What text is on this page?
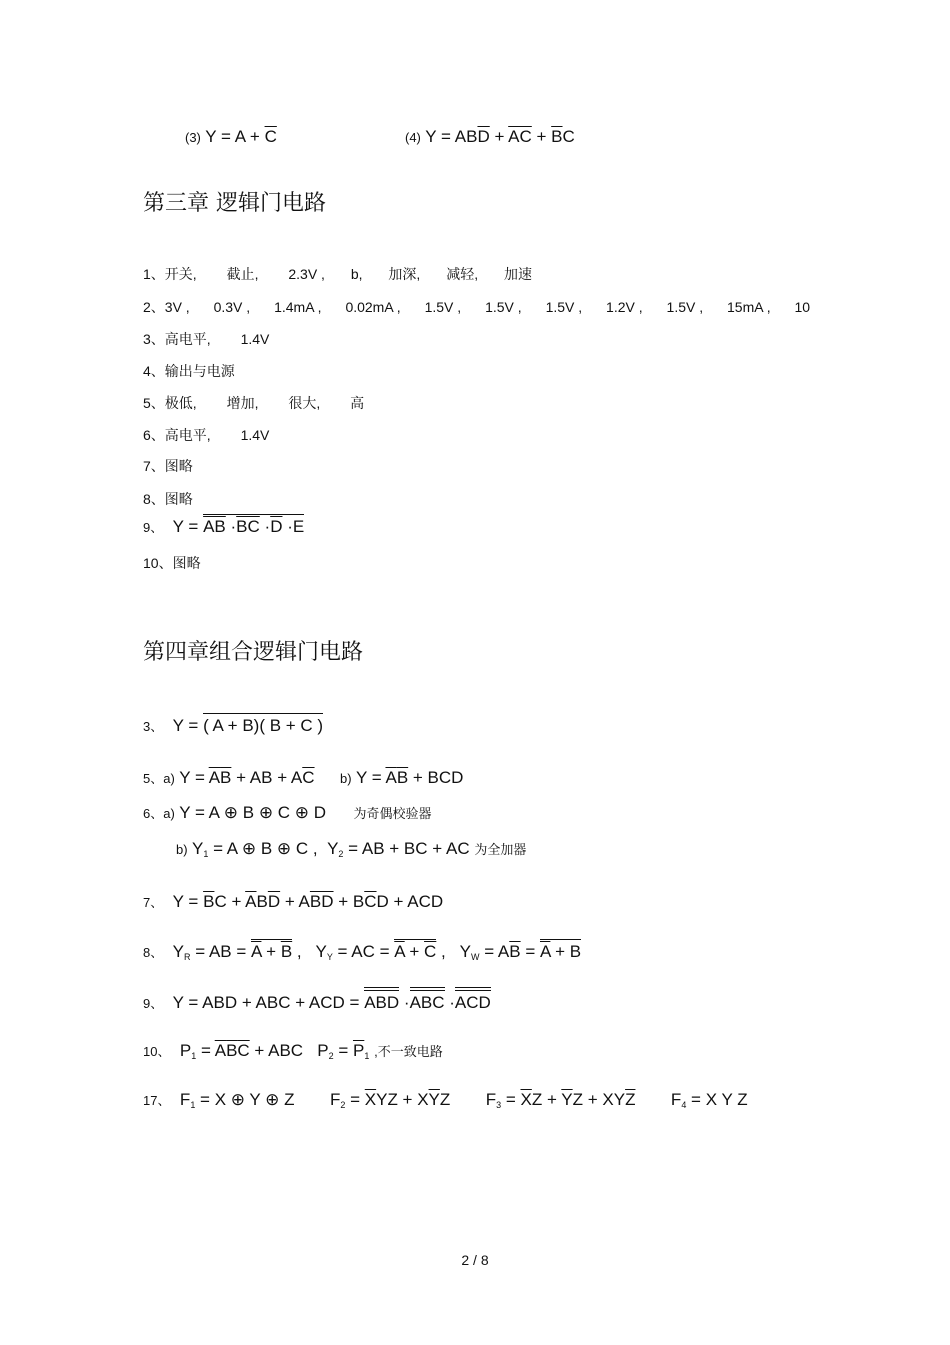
(3) $Y = A + \overline{C}$	(4) $Y = AB\overline{D} + \overline{AC} + \overline{B}C$
第三章 逻辑门电路
1、开关, 截止, 2.3V , b, 加深, 减轻, 加速
2、3V , 0.3V , 1.4mA , 0.02mA , 1.5V , 1.5V , 1.5V , 1.2V , 1.5V , 15mA , 10
3、高电平, 1.4V
4、输出与电源
5、极低, 增加, 很大, 高
6、高电平, 1.4V
7、图略
8、图略
9、  $Y = \overline{AB} \cdot\overline{BC} \cdot\overline{D} \cdot E$
10、图略
第四章组合逻辑门电路
3、  Y = ( A + B)( B + C )
5、a) $Y = \overline{A}\overline{B}$ + AB + $A\overline{C}$ b) $Y = \overline{A}\overline{B}$ + BCD
6、a) Y = A ⊕ B ⊕ C ⊕ D  为奇偶校验器
b) $Y_1 = A$ ⊕ B ⊕ C ,  $Y_2$ = AB + BC + AC 为全加器
7、  $Y = \overline{B}C + \overline{A}B\overline{D} + A\overline{BD} + B\overline{C}D$ + ACD
8、  $Y_R$ = AB = $\overline{A} + \overline{B}$ ,   $Y_Y$ = AC = $\overline{A} + \overline{C}$ ,   $Y_W = A\overline{B} = \overline{A} + B$
9、  Y = ABD + ABC + ACD = ABD ·ABC ·ACD
10、  $P_1 = \overline{A}\overline{B}\overline{C}$ + ABC   $P_2 = \overline{P}_1$ ,不一致电路
17、  $F_1 = X$ ⊕ Y ⊕ Z  $F_2 = \overline{X}YZ + X\overline{Y}Z$  $F_3 = \overline{X}Z + \overline{Y}Z + XY\overline{Z}$  $F_4 = X$ Y Z
2 / 8
